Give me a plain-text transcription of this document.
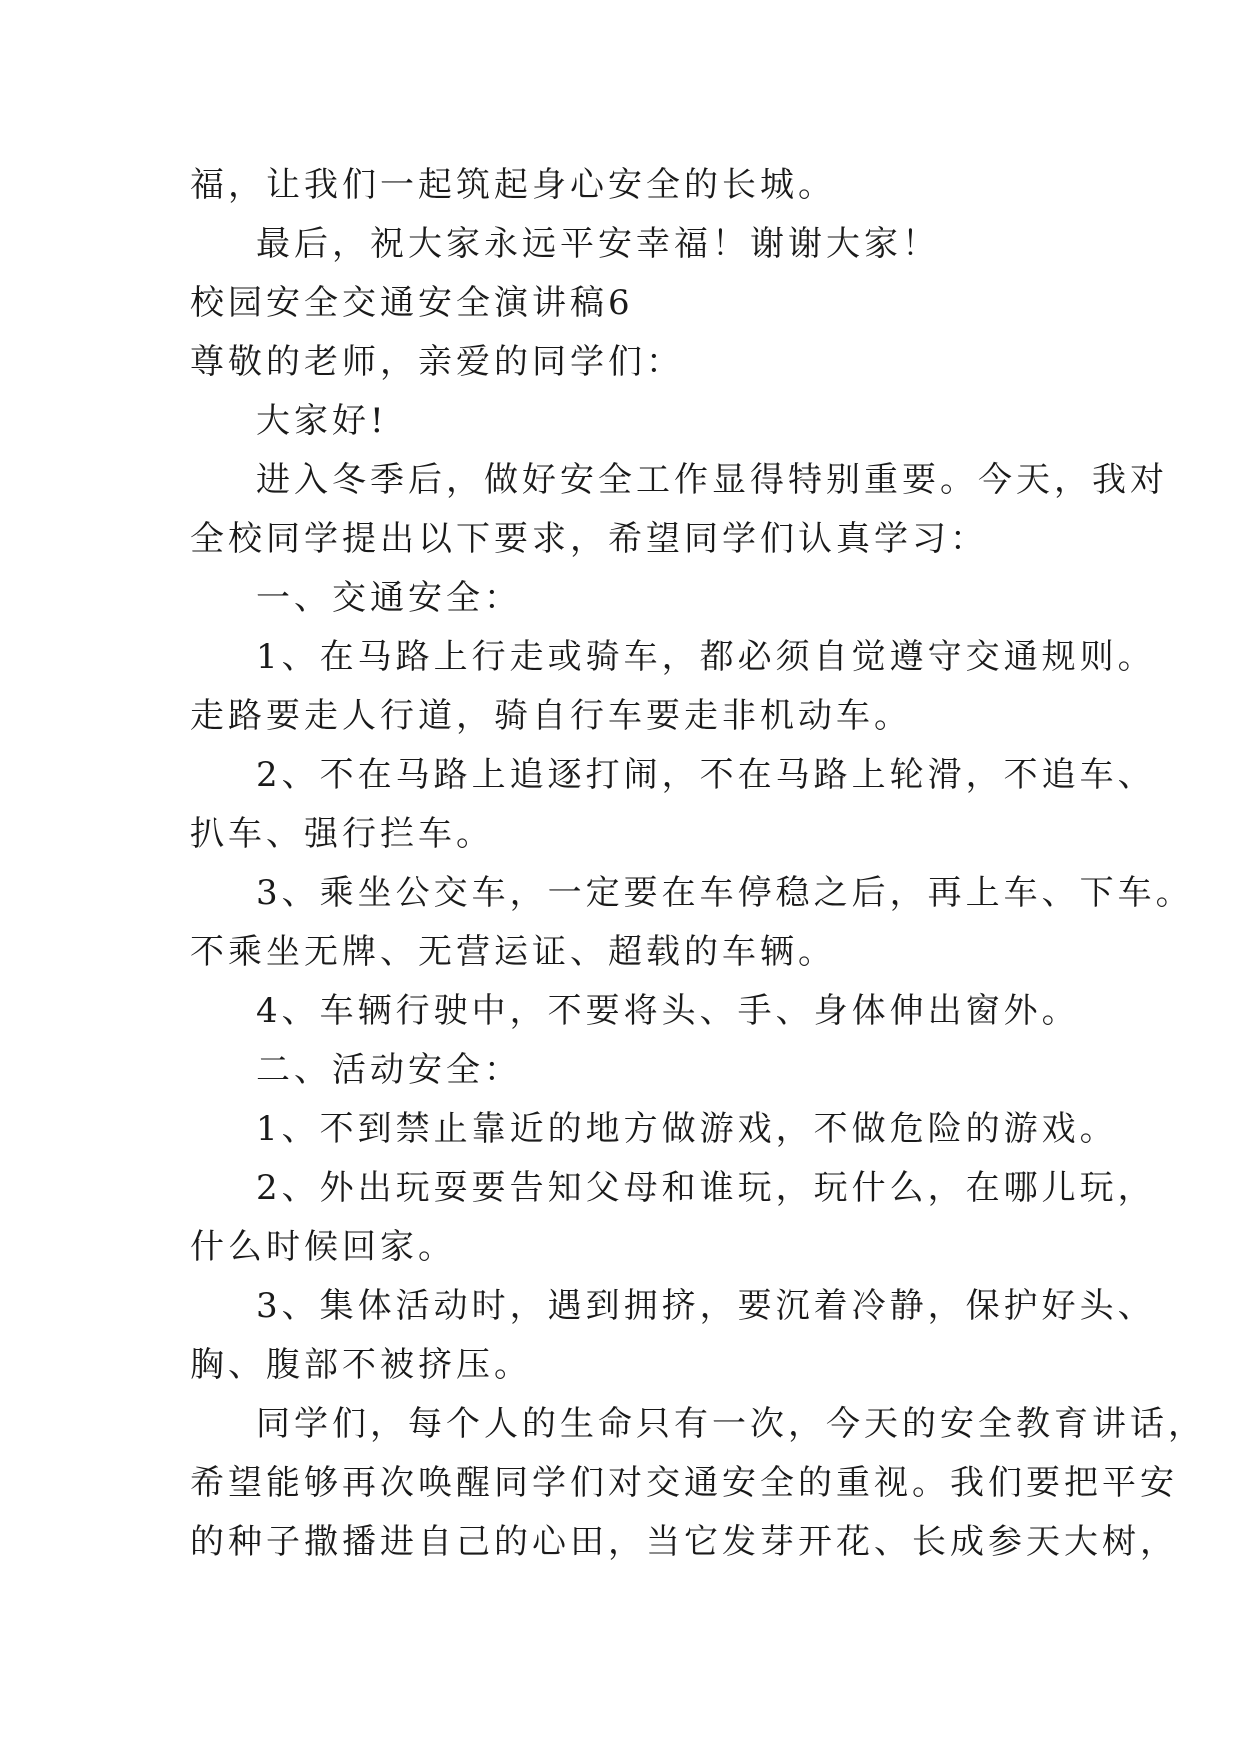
福，让我们一起筑起身心安全的长城。
最后，祝大家永远平安幸福！谢谢大家！
校园安全交通安全演讲稿6
尊敬的老师，亲爱的同学们：
大家好!
进入冬季后，做好安全工作显得特别重要。今天，我对
全校同学提出以下要求，希望同学们认真学习：
一、交通安全：
1、在马路上行走或骑车，都必须自觉遵守交通规则。
走路要走人行道，骑自行车要走非机动车。
2、不在马路上追逐打闹，不在马路上轮滑，不追车、
扒车、强行拦车。
3、乘坐公交车，一定要在车停稳之后，再上车、下车。
不乘坐无牌、无营运证、超载的车辆。
4、车辆行驶中，不要将头、手、身体伸出窗外。
二、活动安全：
1、不到禁止靠近的地方做游戏，不做危险的游戏。
2、外出玩耍要告知父母和谁玩，玩什么，在哪儿玩，
什么时候回家。
3、集体活动时，遇到拥挤，要沉着冷静，保护好头、
胸、腹部不被挤压。
同学们，每个人的生命只有一次，今天的安全教育讲话，
希望能够再次唤醒同学们对交通安全的重视。我们要把平安
的种子撒播进自己的心田，当它发芽开花、长成参天大树，
